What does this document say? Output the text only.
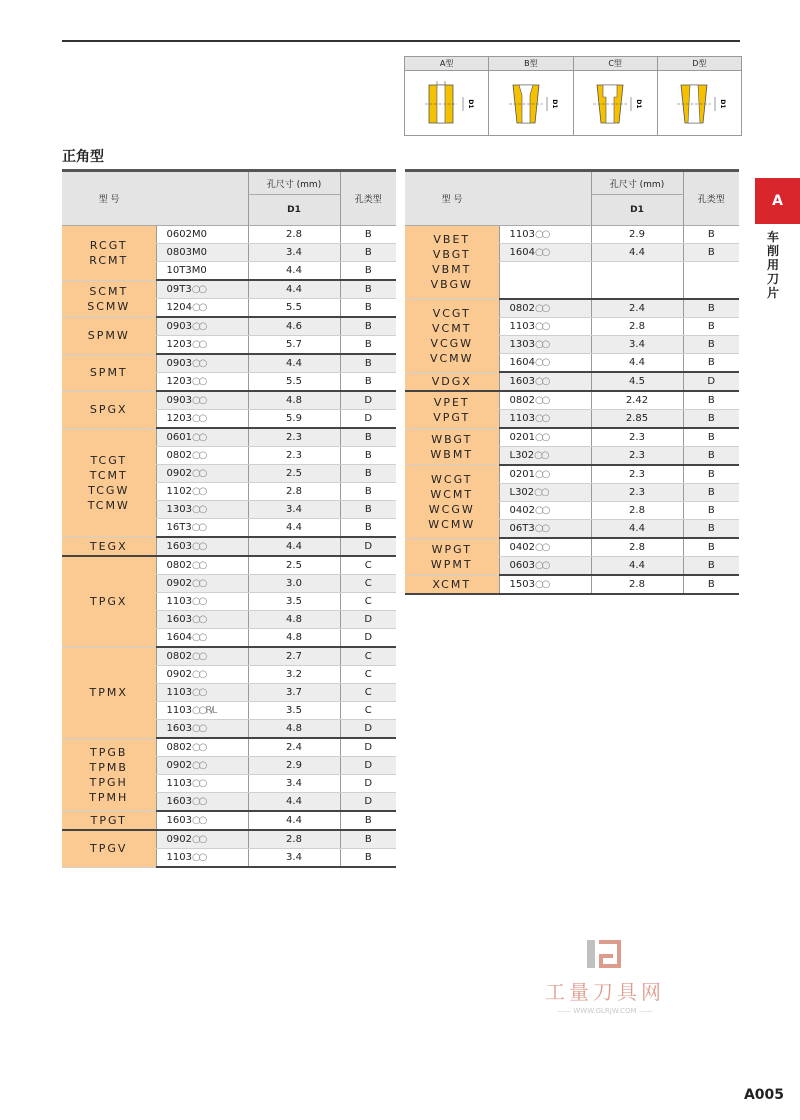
A型
D1
B型
D1
C型
D1
D型
D1
正角型
型 号		孔尺寸 (mm)	孔类型
		D1	

RCGT
RCMT	0602M0	2.8	B
	0803M0	3.4	B
	10T3M0	4.4	B

SCMT
SCMW	09T3○○	4.4	B
	1204○○	5.5	B

SPMW	0903○○	4.6	B
	1203○○	5.7	B

SPMT	0903○○	4.4	B
	1203○○	5.5	B

SPGX	0903○○	4.8	D
	1203○○	5.9	D

TCGT
TCMT
TCGW
TCMW	0601○○	2.3	B
	0802○○	2.3	B
	0902○○	2.5	B
	1102○○	2.8	B
	1303○○	3.4	B
	16T3○○	4.4	B

TEGX	1603○○	4.4	D

TPGX	0802○○	2.5	C
	0902○○	3.0	C
	1103○○	3.5	C
	1603○○	4.8	D
	1604○○	4.8	D

TPMX	0802○○	2.7	C
	0902○○	3.2	C
	1103○○	3.7	C
	1103○○R/L	3.5	C
	1603○○	4.8	D

TPGB
TPMB
TPGH
TPMH	0802○○	2.4	D
	0902○○	2.9	D
	1103○○	3.4	D
	1603○○	4.4	D

TPGT	1603○○	4.4	B

TPGV	0902○○	2.8	B
	1103○○	3.4	B
型 号		孔尺寸 (mm)	孔类型
		D1	

VBET
VBGT
VBMT
VBGW	1103○○	2.9	B
	1604○○	4.4	B

VCGT
VCMT
VCGW
VCMW	0802○○	2.4	B
	1103○○	2.8	B
	1303○○	3.4	B
	1604○○	4.4	B

VDGX	1603○○	4.5	D

VPET
VPGT	0802○○	2.42	B
	1103○○	2.85	B

WBGT
WBMT	0201○○	2.3	B
	L302○○	2.3	B

WCGT
WCMT
WCGW
WCMW	0201○○	2.3	B
	L302○○	2.3	B
	0402○○	2.8	B
	06T3○○	4.4	B

WPGT
WPMT	0402○○	2.8	B
	0603○○	4.4	B

XCMT	1503○○	2.8	B
A
车削用刀片
工量刀具网
—— WWW.GLRJW.COM ——
A005
